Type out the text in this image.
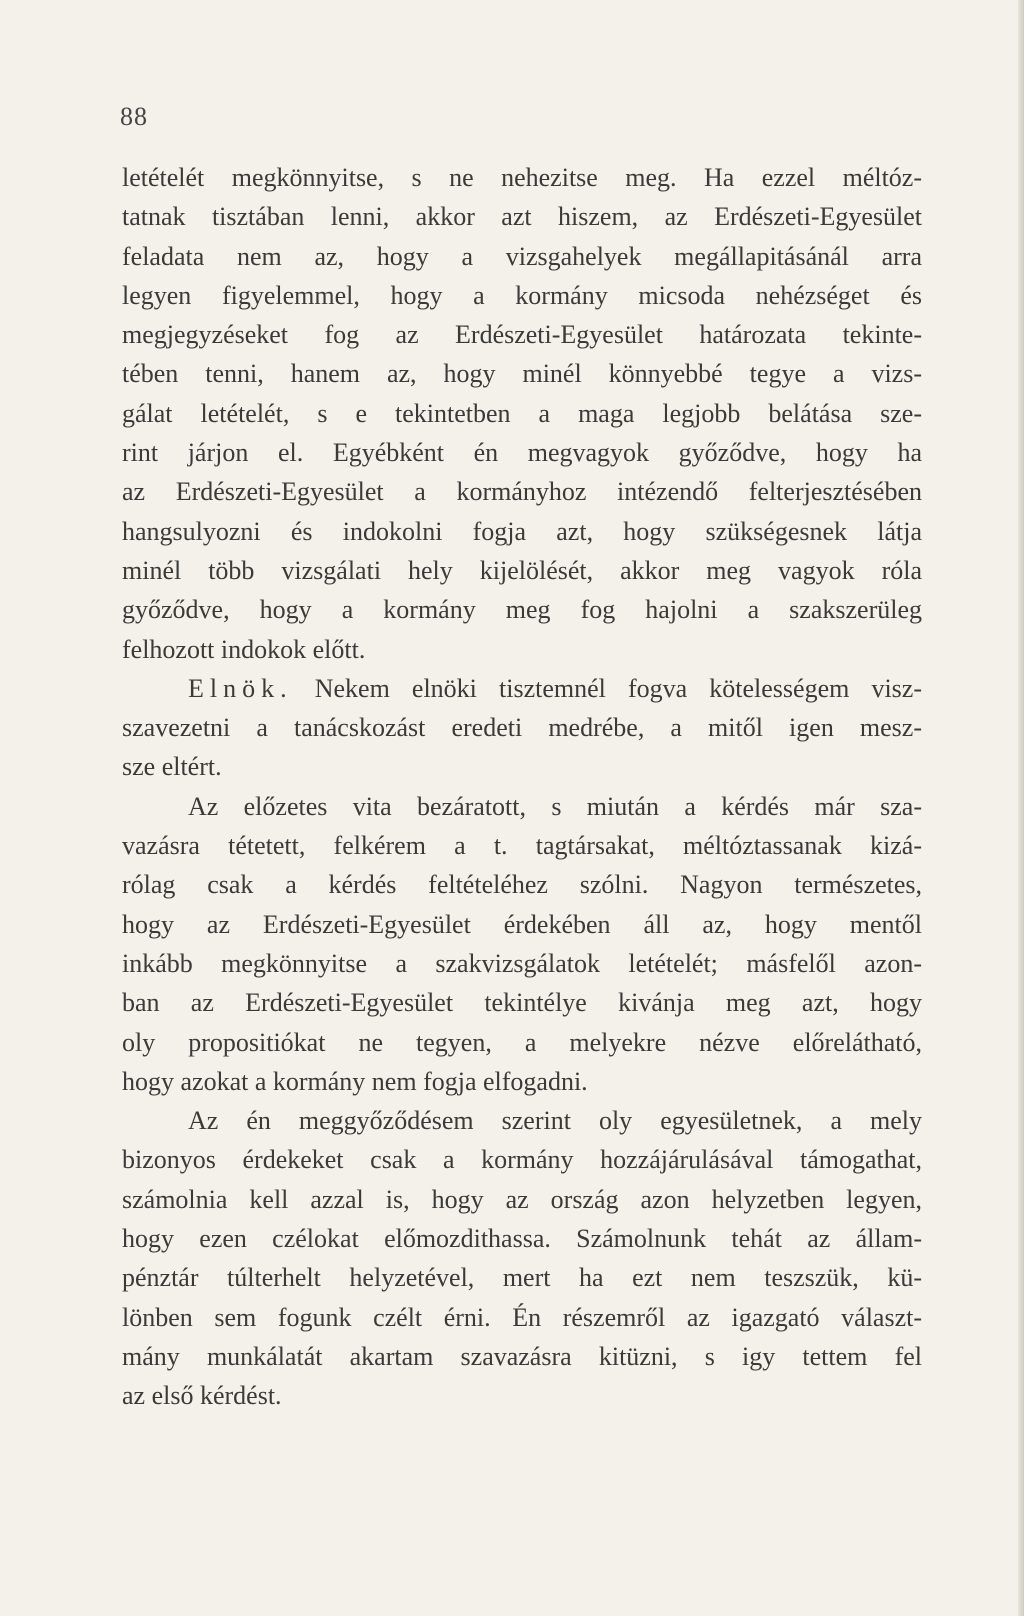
88
letételét megkönnyitse, s ne nehezitse meg. Ha ezzel méltóz-
tatnak tisztában lenni, akkor azt hiszem, az Erdészeti-Egyesület
feladata nem az, hogy a vizsgahelyek megállapitásánál arra
legyen figyelemmel, hogy a kormány micsoda nehézséget és
megjegyzéseket fog az Erdészeti-Egyesület határozata tekinte-
tében tenni, hanem az, hogy minél könnyebbé tegye a vizs-
gálat letételét, s e tekintetben a maga legjobb belátása sze-
rint járjon el. Egyébként én megvagyok győződve, hogy ha
az Erdészeti-Egyesület a kormányhoz intézendő felterjesztésében
hangsulyozni és indokolni fogja azt, hogy szükségesnek látja
minél több vizsgálati hely kijelölését, akkor meg vagyok róla
győződve, hogy a kormány meg fog hajolni a szakszerüleg
felhozott indokok előtt.
Elnök. Nekem elnöki tisztemnél fogva kötelességem visz-
szavezetni a tanácskozást eredeti medrébe, a mitől igen mesz-
sze eltért.
Az előzetes vita bezáratott, s miután a kérdés már sza-
vazásra tétetett, felkérem a t. tagtársakat, méltóztassanak kizá-
rólag csak a kérdés feltételéhez szólni. Nagyon természetes,
hogy az Erdészeti-Egyesület érdekében áll az, hogy mentől
inkább megkönnyitse a szakvizsgálatok letételét; másfelől azon-
ban az Erdészeti-Egyesület tekintélye kivánja meg azt, hogy
oly propositiókat ne tegyen, a melyekre nézve előrelátható,
hogy azokat a kormány nem fogja elfogadni.
Az én meggyőződésem szerint oly egyesületnek, a mely
bizonyos érdekeket csak a kormány hozzájárulásával támogathat,
számolnia kell azzal is, hogy az ország azon helyzetben legyen,
hogy ezen czélokat előmozdithassa. Számolnunk tehát az állam-
pénztár túlterhelt helyzetével, mert ha ezt nem teszszük, kü-
lönben sem fogunk czélt érni. Én részemről az igazgató választ-
mány munkálatát akartam szavazásra kitüzni, s igy tettem fel
az első kérdést.
